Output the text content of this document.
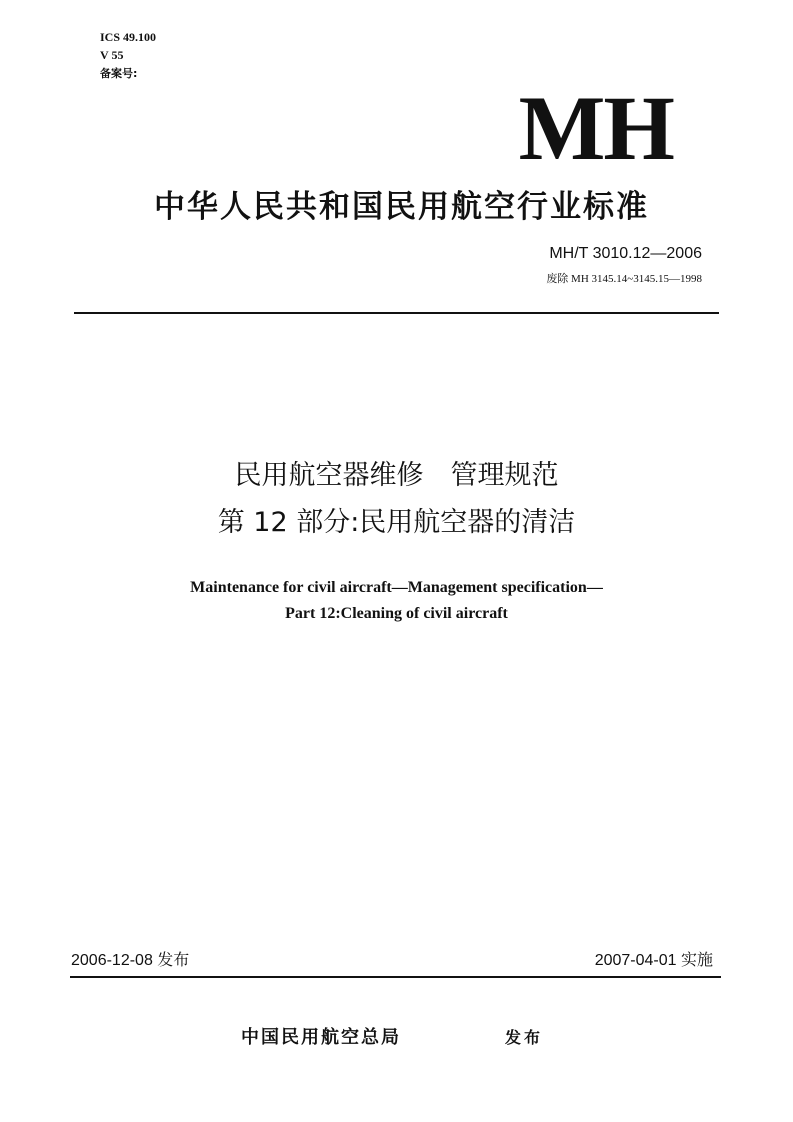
ICS 49.100
V 55
备案号:
MH
中华人民共和国民用航空行业标准
MH/T 3010.12—2006
废除 MH 3145.14~3145.15—1998
民用航空器维修　管理规范
第 12 部分:民用航空器的清洁
Maintenance for civil aircraft—Management specification—
Part 12:Cleaning of civil aircraft
2006-12-08 发布	2007-04-01 实施
中国民用航空总局	发布
